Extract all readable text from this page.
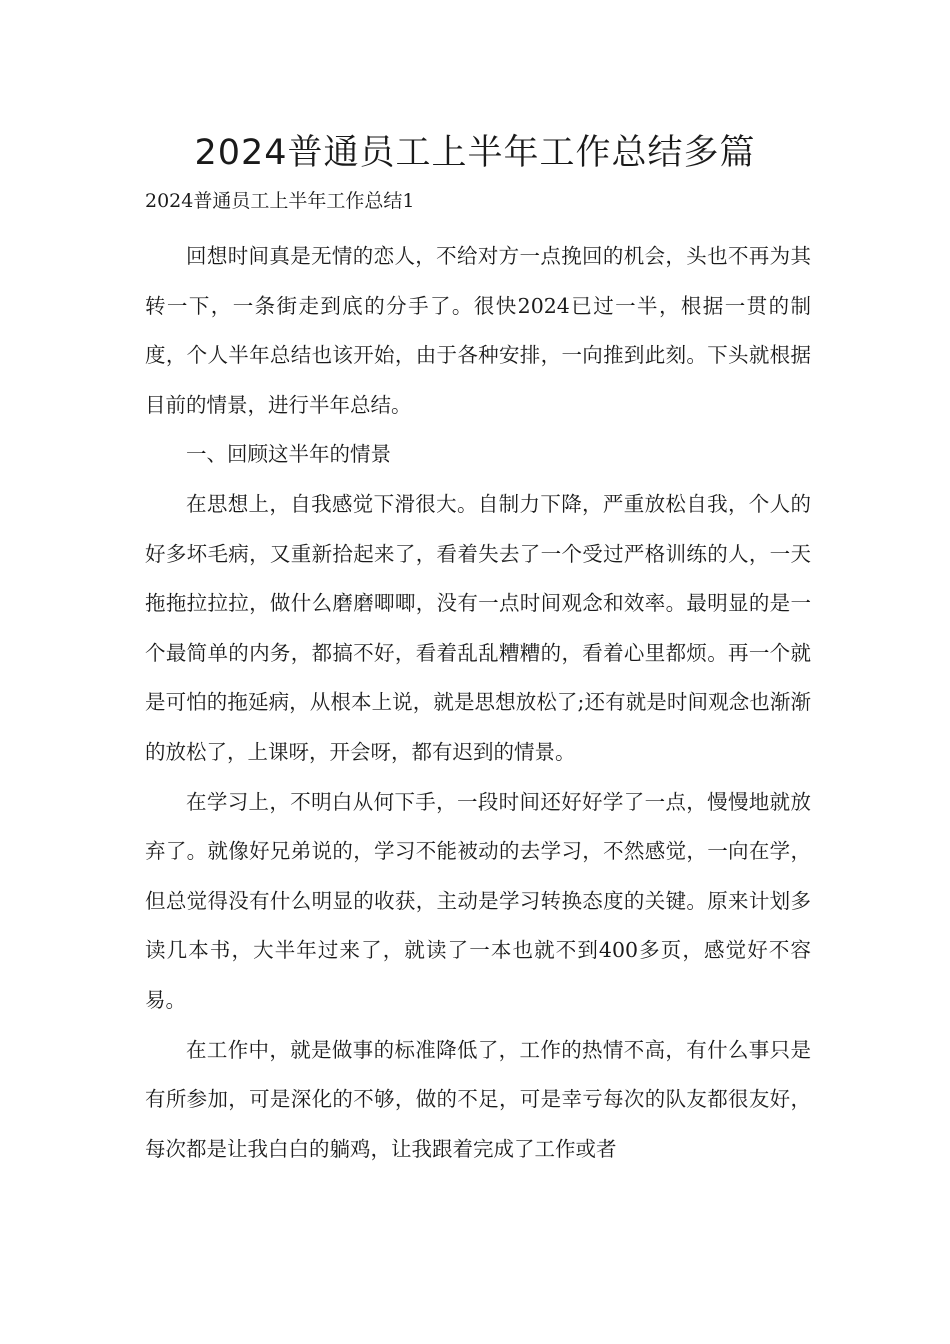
2024普通员工上半年工作总结多篇

2024普通员工上半年工作总结1

回想时间真是无情的恋人，不给对方一点挽回的机会，头也不再为其转一下，一条街走到底的分手了。很快2024已过一半，根据一贯的制度，个人半年总结也该开始，由于各种安排，一向推到此刻。下头就根据目前的情景，进行半年总结。

一、回顾这半年的情景

在思想上，自我感觉下滑很大。自制力下降，严重放松自我，个人的好多坏毛病，又重新拾起来了，看着失去了一个受过严格训练的人，一天拖拖拉拉拉，做什么磨磨唧唧，没有一点时间观念和效率。最明显的是一个最简单的内务，都搞不好，看着乱乱糟糟的，看着心里都烦。再一个就是可怕的拖延病，从根本上说，就是思想放松了;还有就是时间观念也渐渐的放松了，上课呀，开会呀，都有迟到的情景。

在学习上，不明白从何下手，一段时间还好好学了一点，慢慢地就放弃了。就像好兄弟说的，学习不能被动的去学习，不然感觉，一向在学，但总觉得没有什么明显的收获，主动是学习转换态度的关键。原来计划多读几本书，大半年过来了，就读了一本也就不到400多页，感觉好不容易。

在工作中，就是做事的标准降低了，工作的热情不高，有什么事只是有所参加，可是深化的不够，做的不足，可是幸亏每次的队友都很友好，每次都是让我白白的躺鸡，让我跟着完成了工作或者
